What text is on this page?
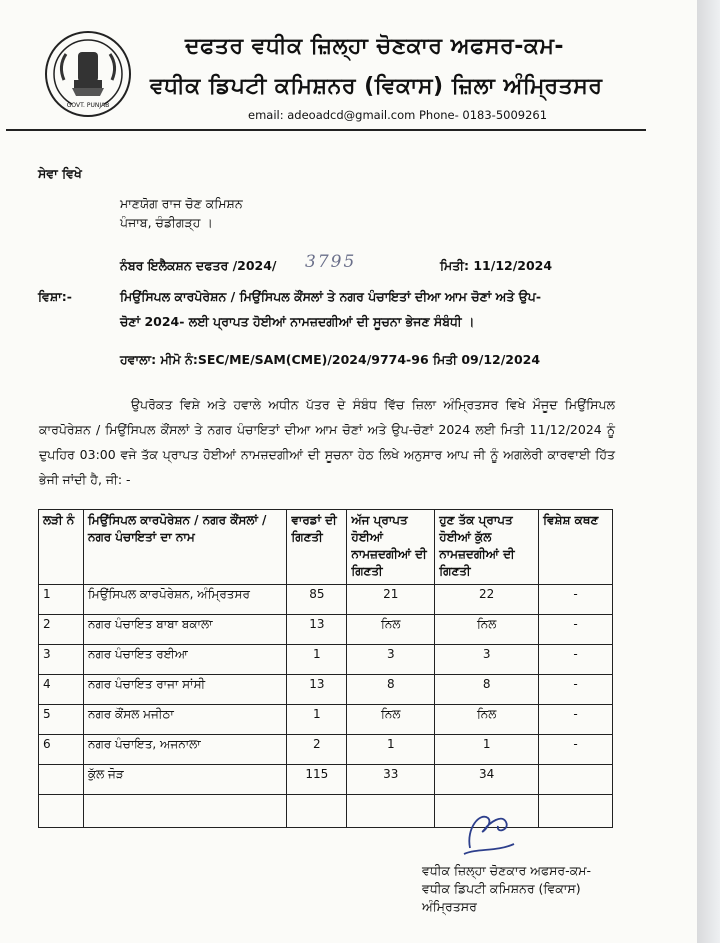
GOVT. PUNJAB
ਦਫਤਰ ਵਧੀਕ ਜ਼ਿਲ੍ਹਾ ਚੋਣਕਾਰ ਅਫਸਰ-ਕਮ-
ਵਧੀਕ ਡਿਪਟੀ ਕਮਿਸ਼ਨਰ (ਵਿਕਾਸ) ਜ਼ਿਲਾ ਅੰਮ੍ਰਿਤਸਰ
email: adeoadcd@gmail.com Phone- 0183-5009261
ਸੇਵਾ ਵਿਖੇ
ਮਾਣਯੋਗ ਰਾਜ ਚੋਣ ਕਮਿਸ਼ਨ
ਪੰਜਾਬ, ਚੰਡੀਗੜ੍ਹ ।
ਨੰਬਰ ਇਲੈਕਸ਼ਨ ਦਫਤਰ /2024/ 3795	ਮਿਤੀ: 11/12/2024
ਵਿਸ਼ਾ:-	ਮਿਉਂਸਿਪਲ ਕਾਰਪੋਰੇਸ਼ਨ / ਮਿਉਂਸਿਪਲ ਕੌਂਸਲਾਂ ਤੇ ਨਗਰ ਪੰਚਾਇਤਾਂ ਦੀਆ ਆਮ ਚੋਣਾਂ ਅਤੇ ਉਪ-
ਚੋਣਾਂ 2024- ਲਈ ਪ੍ਰਾਪਤ ਹੋਈਆਂ ਨਾਮਜ਼ਦਗੀਆਂ ਦੀ ਸੂਚਨਾ ਭੇਜਣ ਸੰਬੰਧੀ ।
ਹਵਾਲਾ: ਮੀਮੋ ਨੰ:SEC/ME/SAM(CME)/2024/9774-96 ਮਿਤੀ 09/12/2024
ਉਪਰੋਕਤ ਵਿਸ਼ੇ ਅਤੇ ਹਵਾਲੇ ਅਧੀਨ ਪੱਤਰ ਦੇ ਸੰਬੰਧ ਵਿੱਚ ਜ਼ਿਲਾ ਅੰਮ੍ਰਿਤਸਰ ਵਿਖੇ ਮੌਜੂਦ ਮਿਉਂਸਿਪਲ ਕਾਰਪੋਰੇਸ਼ਨ / ਮਿਉਂਸਿਪਲ ਕੌਂਸਲਾਂ ਤੇ ਨਗਰ ਪੰਚਾਇਤਾਂ ਦੀਆ ਆਮ ਚੋਣਾਂ ਅਤੇ ਉਪ-ਚੋਣਾਂ 2024 ਲਈ ਮਿਤੀ 11/12/2024 ਨੂੰ ਦੁਪਹਿਰ 03:00 ਵਜੇ ਤੱਕ ਪ੍ਰਾਪਤ ਹੋਈਆਂ ਨਾਮਜ਼ਦਗੀਆਂ ਦੀ ਸੂਚਨਾ ਹੇਠ ਲਿਖੇ ਅਨੁਸਾਰ ਆਪ ਜੀ ਨੂੰ ਅਗਲੇਰੀ ਕਾਰਵਾਈ ਹਿੱਤ ਭੇਜੀ ਜਾਂਦੀ ਹੈ, ਜੀ: -
ਲੜੀ ਨੰ	ਮਿਉਂਸਿਪਲ ਕਾਰਪੋਰੇਸ਼ਨ / ਨਗਰ ਕੌਂਸਲਾਂ / ਨਗਰ ਪੰਚਾਇਤਾਂ ਦਾ ਨਾਮ	ਵਾਰਡਾਂ ਦੀ ਗਿਣਤੀ	ਅੱਜ ਪ੍ਰਾਪਤ ਹੋਈਆਂ ਨਾਮਜ਼ਦਗੀਆਂ ਦੀ ਗਿਣਤੀ	ਹੁਣ ਤੱਕ ਪ੍ਰਾਪਤ ਹੋਈਆਂ ਕੁੱਲ ਨਾਮਜ਼ਦਗੀਆਂ ਦੀ ਗਿਣਤੀ	ਵਿਸ਼ੇਸ਼ ਕਥਣ
1	ਮਿਉਂਸਿਪਲ ਕਾਰਪੋਰੇਸ਼ਨ, ਅੰਮ੍ਰਿਤਸਰ	85	21	22	-
2	ਨਗਰ ਪੰਚਾਇਤ ਬਾਬਾ ਬਕਾਲਾ	13	ਨਿਲ	ਨਿਲ	-
3	ਨਗਰ ਪੰਚਾਇਤ ਰਈਆ	1	3	3	-
4	ਨਗਰ ਪੰਚਾਇਤ ਰਾਜਾ ਸਾਂਸੀ	13	8	8	-
5	ਨਗਰ ਕੌਂਸਲ ਮਜੀਠਾ	1	ਨਿਲ	ਨਿਲ	-
6	ਨਗਰ ਪੰਚਾਇਤ, ਅਜਨਾਲਾ	2	1	1	-
	ਕੁੱਲ ਜੋੜ	115	33	34	

ਵਧੀਕ ਜ਼ਿਲ੍ਹਾ ਚੋਣਕਾਰ ਅਫਸਰ-ਕਮ-
ਵਧੀਕ ਡਿਪਟੀ ਕਮਿਸ਼ਨਰ (ਵਿਕਾਸ)
ਅੰਮ੍ਰਿਤਸਰ
